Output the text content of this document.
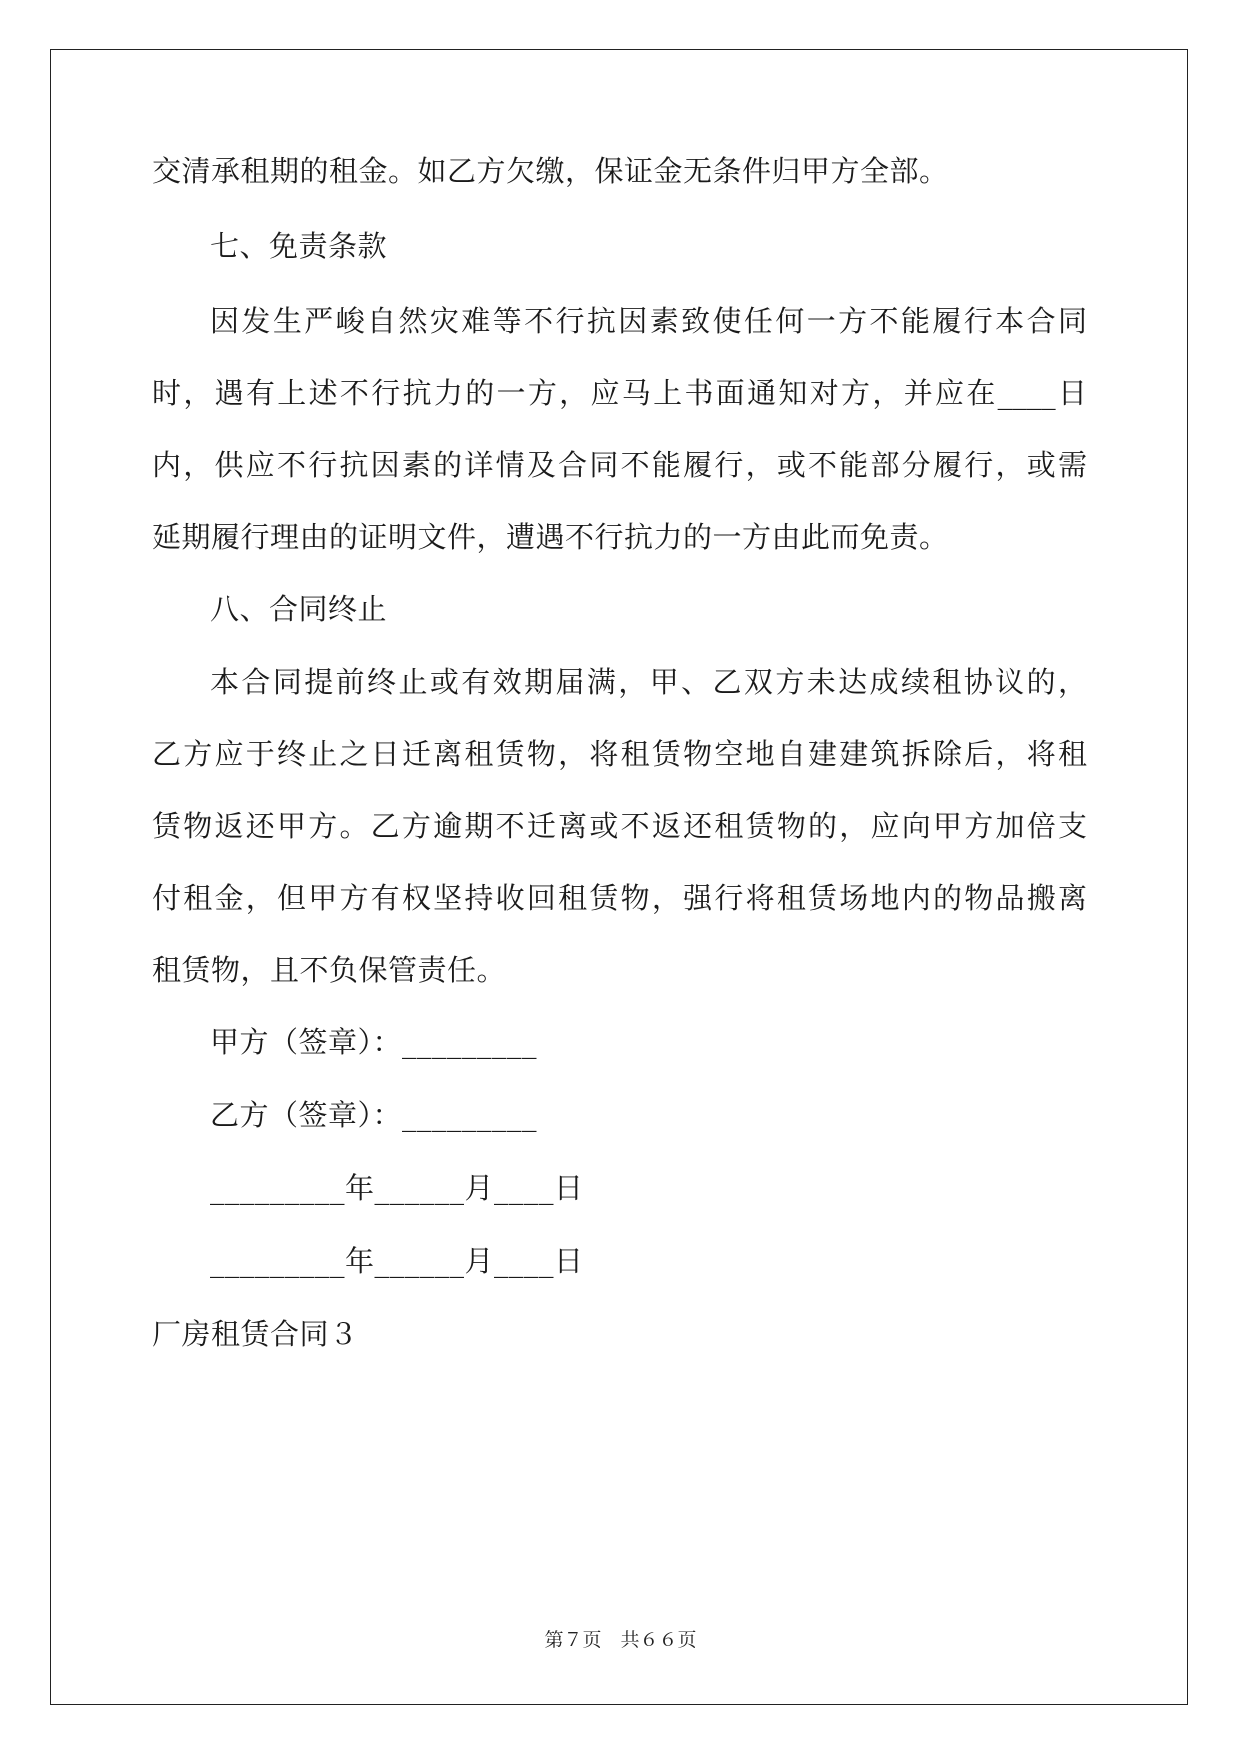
交清承租期的租金。如乙方欠缴，保证金无条件归甲方全部。
七、免责条款
因发生严峻自然灾难等不行抗因素致使任何一方不能履行本合同
时，遇有上述不行抗力的一方，应马上书面通知对方，并应在____日
内，供应不行抗因素的详情及合同不能履行，或不能部分履行，或需
延期履行理由的证明文件，遭遇不行抗力的一方由此而免责。
八、合同终止
本合同提前终止或有效期届满，甲、乙双方未达成续租协议的，
乙方应于终止之日迁离租赁物，将租赁物空地自建建筑拆除后，将租
赁物返还甲方。乙方逾期不迁离或不返还租赁物的，应向甲方加倍支
付租金，但甲方有权坚持收回租赁物，强行将租赁场地内的物品搬离
租赁物，且不负保管责任。
甲方（签章）：_________
乙方（签章）：_________
_________年______月____日
_________年______月____日
厂房租赁合同３
第７页　共６６页
